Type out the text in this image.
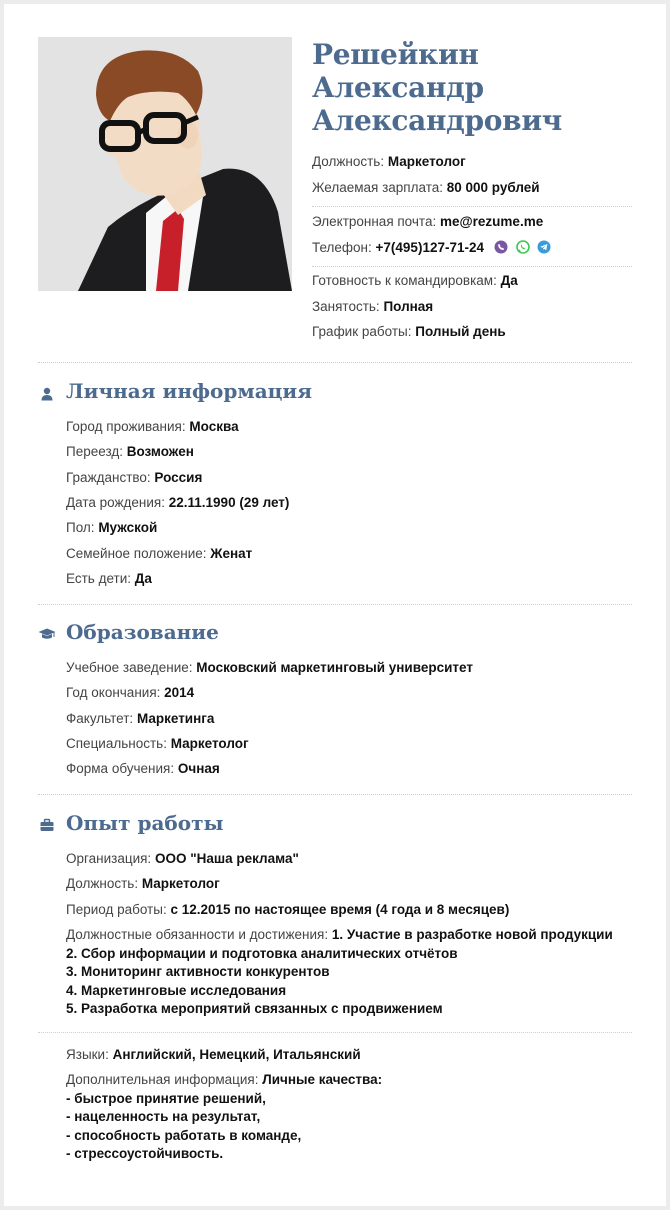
Решейкин
Александр
Александрович
Должность: Маркетолог
Желаемая зарплата: 80 000 рублей
Электронная почта: me@rezume.me
Телефон: +7(495)127-71-24
Готовность к командировкам: Да
Занятость: Полная
График работы: Полный день
Личная информация
Город проживания: Москва
Переезд: Возможен
Гражданство: Россия
Дата рождения: 22.11.1990 (29 лет)
Пол: Мужской
Семейное положение: Женат
Есть дети: Да
Образование
Учебное заведение: Московский маркетинговый университет
Год окончания: 2014
Факультет: Маркетинга
Специальность: Маркетолог
Форма обучения: Очная
Опыт работы
Организация: ООО "Наша реклама"
Должность: Маркетолог
Период работы: с 12.2015 по настоящее время (4 года и 8 месяцев)
Должностные обязанности и достижения: 1. Участие в разработке новой продукции
2. Сбор информации и подготовка аналитических отчётов
3. Мониторинг активности конкурентов
4. Маркетинговые исследования
5. Разработка мероприятий связанных с продвижением
Языки: Английский, Немецкий, Итальянский
Дополнительная информация: Личные качества:
- быстрое принятие решений,
- нацеленность на результат,
- способность работать в команде,
- стрессоустойчивость.
